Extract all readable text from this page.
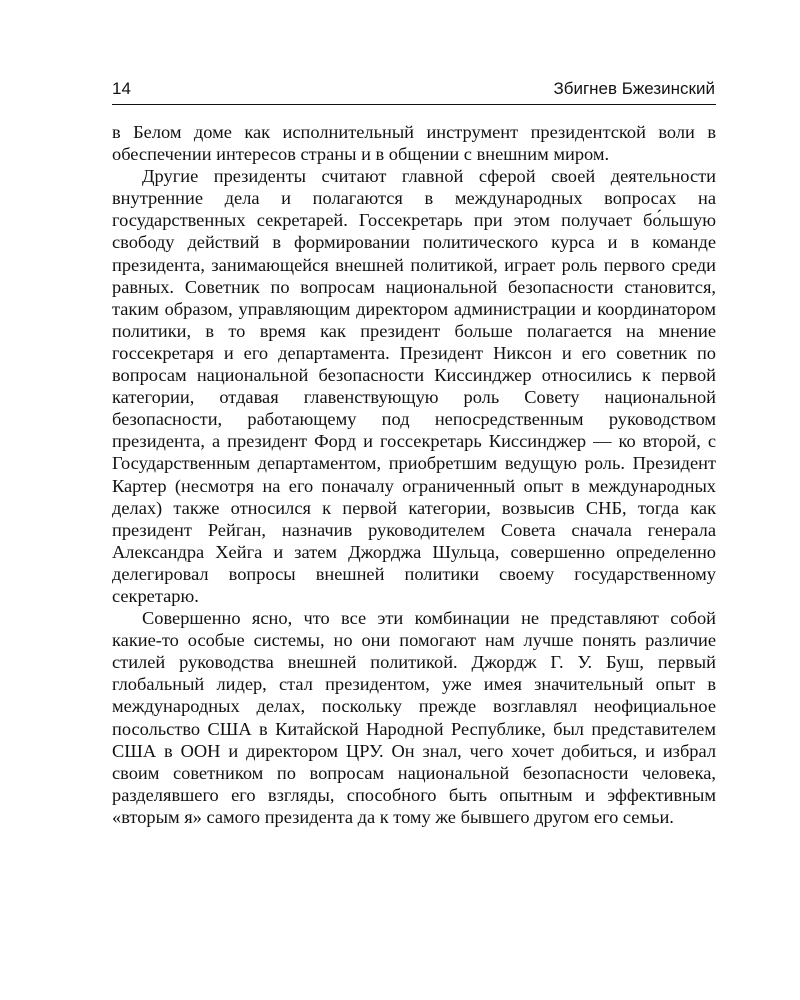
14	Збигнев Бжезинский

в Белом доме как исполнительный инструмент президентской воли в обеспечении интересов страны и в общении с внешним миром.

Другие президенты считают главной сферой своей деятельности внутренние дела и полагаются в международных вопросах на государственных секретарей. Госсекретарь при этом получает бо́льшую свободу действий в формировании политического курса и в команде президента, занимающейся внешней политикой, играет роль первого среди равных. Советник по вопросам национальной безопасности становится, таким образом, управляющим директором администрации и координатором политики, в то время как президент больше полагается на мнение госсекретаря и его департамента. Президент Никсон и его советник по вопросам национальной безопасности Киссинджер относились к первой категории, отдавая главенствующую роль Совету национальной безопасности, работающему под непосредственным руководством президента, а президент Форд и госсекретарь Киссинджер — ко второй, с Государственным департаментом, приобретшим ведущую роль. Президент Картер (несмотря на его поначалу ограниченный опыт в международных делах) также относился к первой категории, возвысив СНБ, тогда как президент Рейган, назначив руководителем Совета сначала генерала Александра Хейга и затем Джорджа Шульца, совершенно определенно делегировал вопросы внешней политики своему государственному секретарю.

Совершенно ясно, что все эти комбинации не представляют собой какие-то особые системы, но они помогают нам лучше понять различие стилей руководства внешней политикой. Джордж Г. У. Буш, первый глобальный лидер, стал президентом, уже имея значительный опыт в международных делах, поскольку прежде возглавлял неофициальное посольство США в Китайской Народной Республике, был представителем США в ООН и директором ЦРУ. Он знал, чего хочет добиться, и избрал своим советником по вопросам национальной безопасности человека, разделявшего его взгляды, способного быть опытным и эффективным «вторым я» самого президента да к тому же бывшего другом его семьи.
